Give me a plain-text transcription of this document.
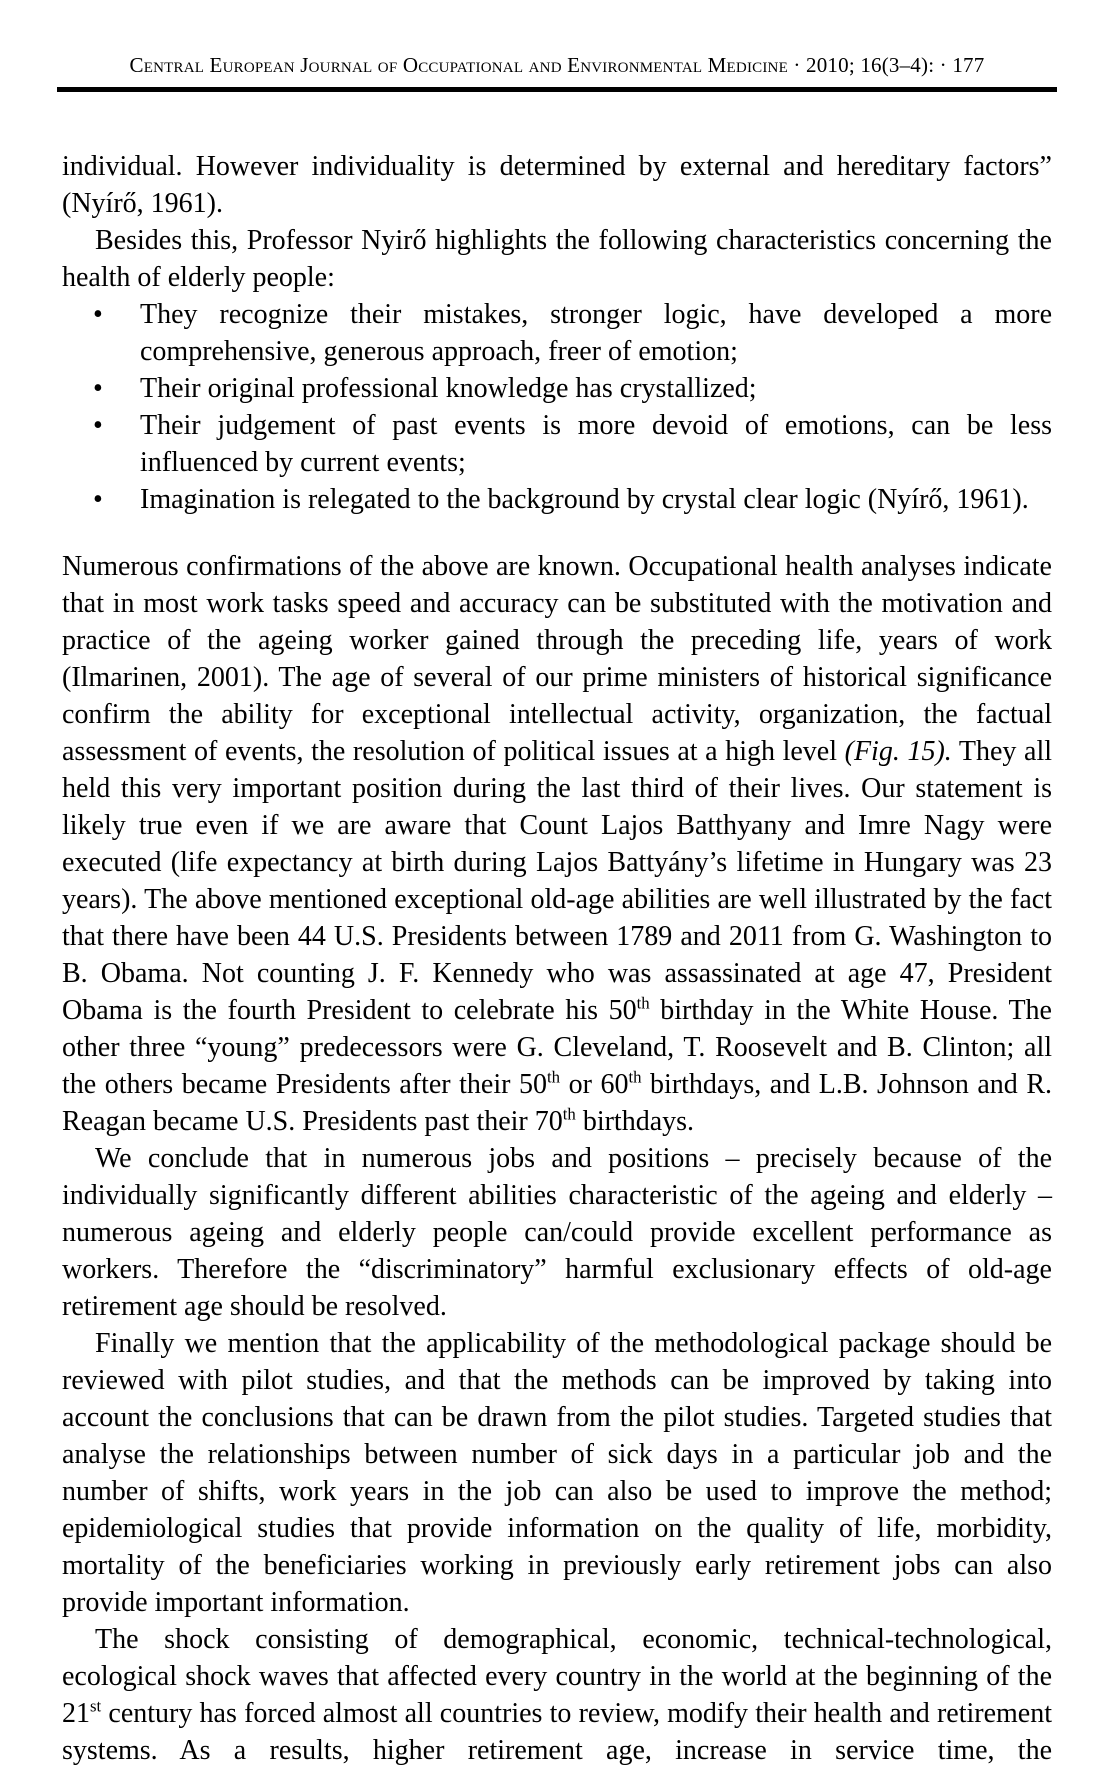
Central European Journal of Occupational and Environmental Medicine · 2010; 16(3–4): · 177

individual. However individuality is determined by external and hereditary factors” (Nyírő, 1961).

Besides this, Professor Nyirő highlights the following characteristics concerning the health of elderly people:

• They recognize their mistakes, stronger logic, have developed a more comprehensive, generous approach, freer of emotion;
• Their original professional knowledge has crystallized;
• Their judgement of past events is more devoid of emotions, can be less influenced by current events;
• Imagination is relegated to the background by crystal clear logic (Nyírő, 1961).

Numerous confirmations of the above are known. Occupational health analyses indicate that in most work tasks speed and accuracy can be substituted with the motivation and practice of the ageing worker gained through the preceding life, years of work (Ilmarinen, 2001). The age of several of our prime ministers of historical significance confirm the ability for exceptional intellectual activity, organization, the factual assessment of events, the resolution of political issues at a high level (Fig. 15). They all held this very important position during the last third of their lives. Our statement is likely true even if we are aware that Count Lajos Batthyany and Imre Nagy were executed (life expectancy at birth during Lajos Battyány’s lifetime in Hungary was 23 years). The above mentioned exceptional old-age abilities are well illustrated by the fact that there have been 44 U.S. Presidents between 1789 and 2011 from G. Washington to B. Obama. Not counting J. F. Kennedy who was assassinated at age 47, President Obama is the fourth President to celebrate his 50th birthday in the White House. The other three “young” predecessors were G. Cleveland, T. Roosevelt and B. Clinton; all the others became Presidents after their 50th or 60th birthdays, and L.B. Johnson and R. Reagan became U.S. Presidents past their 70th birthdays.

We conclude that in numerous jobs and positions – precisely because of the individually significantly different abilities characteristic of the ageing and elderly – numerous ageing and elderly people can/could provide excellent performance as workers. Therefore the “discriminatory” harmful exclusionary effects of old-age retirement age should be resolved.

Finally we mention that the applicability of the methodological package should be reviewed with pilot studies, and that the methods can be improved by taking into account the conclusions that can be drawn from the pilot studies. Targeted studies that analyse the relationships between number of sick days in a particular job and the number of shifts, work years in the job can also be used to improve the method; epidemiological studies that provide information on the quality of life, morbidity, mortality of the beneficiaries working in previously early retirement jobs can also provide important information.

The shock consisting of demographical, economic, technical-technological, ecological shock waves that affected every country in the world at the beginning of the 21st century has forced almost all countries to review, modify their health and retirement systems. As a results, higher retirement age, increase in service time, the
